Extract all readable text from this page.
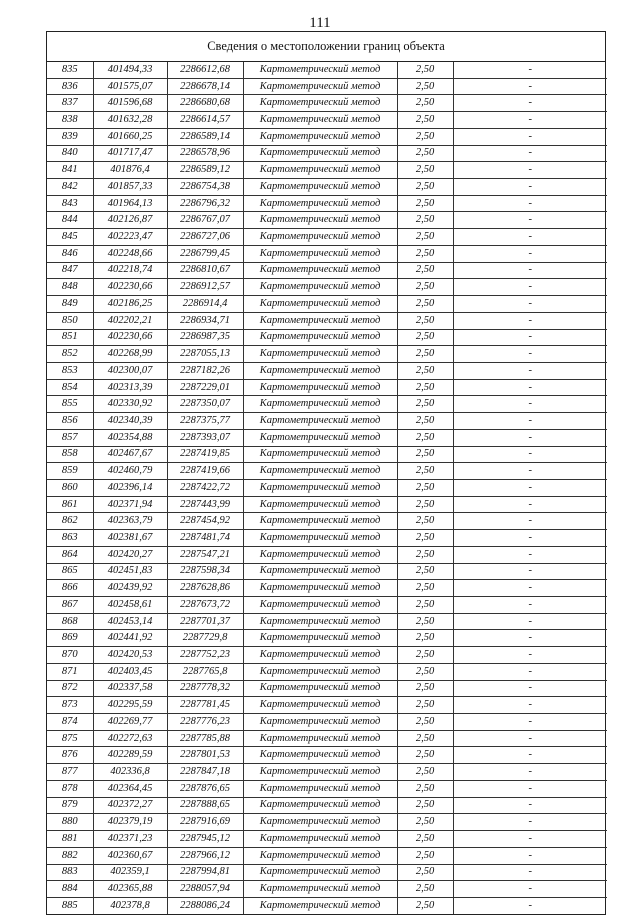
111
Сведения о местоположении границ объекта
835	401494,33	2286612,68	Картометрический метод	2,50	-
836	401575,07	2286678,14	Картометрический метод	2,50	-
837	401596,68	2286680,68	Картометрический метод	2,50	-
838	401632,28	2286614,57	Картометрический метод	2,50	-
839	401660,25	2286589,14	Картометрический метод	2,50	-
840	401717,47	2286578,96	Картометрический метод	2,50	-
841	401876,4	2286589,12	Картометрический метод	2,50	-
842	401857,33	2286754,38	Картометрический метод	2,50	-
843	401964,13	2286796,32	Картометрический метод	2,50	-
844	402126,87	2286767,07	Картометрический метод	2,50	-
845	402223,47	2286727,06	Картометрический метод	2,50	-
846	402248,66	2286799,45	Картометрический метод	2,50	-
847	402218,74	2286810,67	Картометрический метод	2,50	-
848	402230,66	2286912,57	Картометрический метод	2,50	-
849	402186,25	2286914,4	Картометрический метод	2,50	-
850	402202,21	2286934,71	Картометрический метод	2,50	-
851	402230,66	2286987,35	Картометрический метод	2,50	-
852	402268,99	2287055,13	Картометрический метод	2,50	-
853	402300,07	2287182,26	Картометрический метод	2,50	-
854	402313,39	2287229,01	Картометрический метод	2,50	-
855	402330,92	2287350,07	Картометрический метод	2,50	-
856	402340,39	2287375,77	Картометрический метод	2,50	-
857	402354,88	2287393,07	Картометрический метод	2,50	-
858	402467,67	2287419,85	Картометрический метод	2,50	-
859	402460,79	2287419,66	Картометрический метод	2,50	-
860	402396,14	2287422,72	Картометрический метод	2,50	-
861	402371,94	2287443,99	Картометрический метод	2,50	-
862	402363,79	2287454,92	Картометрический метод	2,50	-
863	402381,67	2287481,74	Картометрический метод	2,50	-
864	402420,27	2287547,21	Картометрический метод	2,50	-
865	402451,83	2287598,34	Картометрический метод	2,50	-
866	402439,92	2287628,86	Картометрический метод	2,50	-
867	402458,61	2287673,72	Картометрический метод	2,50	-
868	402453,14	2287701,37	Картометрический метод	2,50	-
869	402441,92	2287729,8	Картометрический метод	2,50	-
870	402420,53	2287752,23	Картометрический метод	2,50	-
871	402403,45	2287765,8	Картометрический метод	2,50	-
872	402337,58	2287778,32	Картометрический метод	2,50	-
873	402295,59	2287781,45	Картометрический метод	2,50	-
874	402269,77	2287776,23	Картометрический метод	2,50	-
875	402272,63	2287785,88	Картометрический метод	2,50	-
876	402289,59	2287801,53	Картометрический метод	2,50	-
877	402336,8	2287847,18	Картометрический метод	2,50	-
878	402364,45	2287876,65	Картометрический метод	2,50	-
879	402372,27	2287888,65	Картометрический метод	2,50	-
880	402379,19	2287916,69	Картометрический метод	2,50	-
881	402371,23	2287945,12	Картометрический метод	2,50	-
882	402360,67	2287966,12	Картометрический метод	2,50	-
883	402359,1	2287994,81	Картометрический метод	2,50	-
884	402365,88	2288057,94	Картометрический метод	2,50	-
885	402378,8	2288086,24	Картометрический метод	2,50	-
